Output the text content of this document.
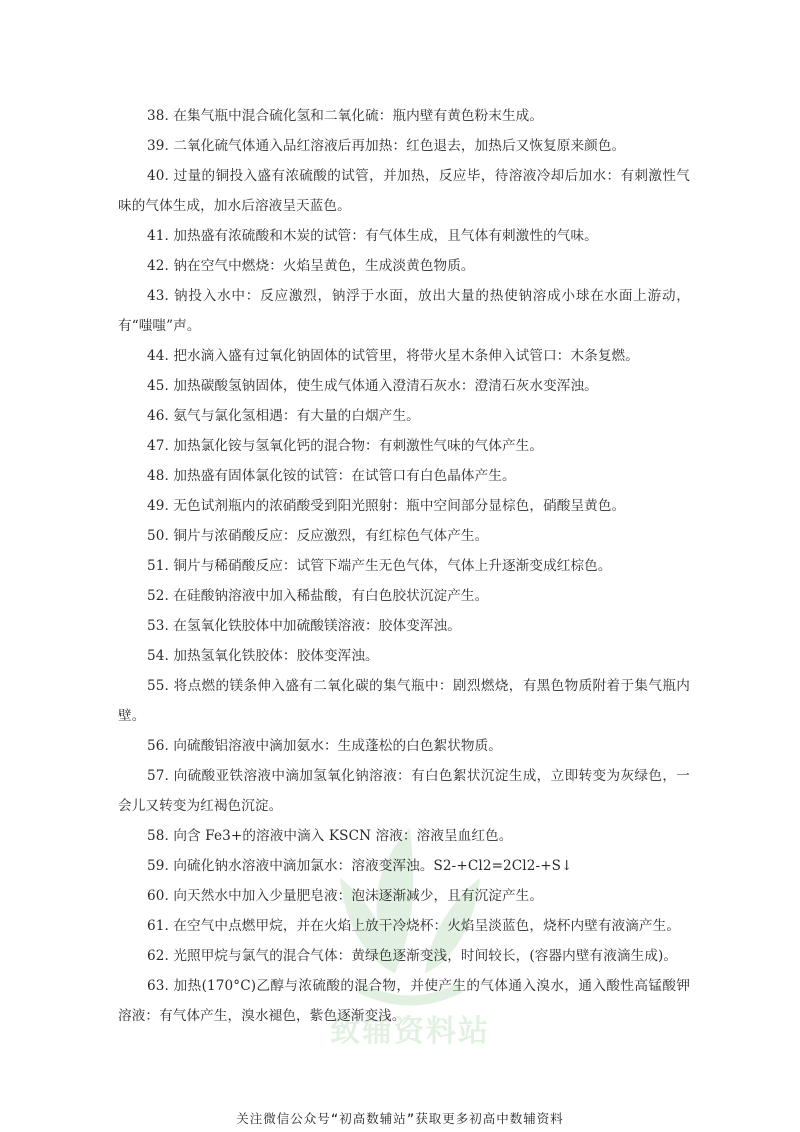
致辅资料站
38. 在集气瓶中混合硫化氢和二氧化硫：瓶内壁有黄色粉末生成。
39. 二氧化硫气体通入品红溶液后再加热：红色退去，加热后又恢复原来颜色。
40. 过量的铜投入盛有浓硫酸的试管，并加热，反应毕，待溶液冷却后加水：有刺激性气味的气体生成，加水后溶液呈天蓝色。
41. 加热盛有浓硫酸和木炭的试管：有气体生成，且气体有刺激性的气味。
42. 钠在空气中燃烧：火焰呈黄色，生成淡黄色物质。
43. 钠投入水中：反应激烈，钠浮于水面，放出大量的热使钠溶成小球在水面上游动，有“嗤嗤”声。
44. 把水滴入盛有过氧化钠固体的试管里，将带火星木条伸入试管口：木条复燃。
45. 加热碳酸氢钠固体，使生成气体通入澄清石灰水：澄清石灰水变浑浊。
46. 氨气与氯化氢相遇：有大量的白烟产生。
47. 加热氯化铵与氢氧化钙的混合物：有刺激性气味的气体产生。
48. 加热盛有固体氯化铵的试管：在试管口有白色晶体产生。
49. 无色试剂瓶内的浓硝酸受到阳光照射：瓶中空间部分显棕色，硝酸呈黄色。
50. 铜片与浓硝酸反应：反应激烈，有红棕色气体产生。
51. 铜片与稀硝酸反应：试管下端产生无色气体，气体上升逐渐变成红棕色。
52. 在硅酸钠溶液中加入稀盐酸，有白色胶状沉淀产生。
53. 在氢氧化铁胶体中加硫酸镁溶液：胶体变浑浊。
54. 加热氢氧化铁胶体：胶体变浑浊。
55. 将点燃的镁条伸入盛有二氧化碳的集气瓶中：剧烈燃烧，有黑色物质附着于集气瓶内壁。
56. 向硫酸铝溶液中滴加氨水：生成蓬松的白色絮状物质。
57. 向硫酸亚铁溶液中滴加氢氧化钠溶液：有白色絮状沉淀生成，立即转变为灰绿色，一会儿又转变为红褐色沉淀。
58. 向含 Fe3+的溶液中滴入 KSCN 溶液：溶液呈血红色。
59. 向硫化钠水溶液中滴加氯水：溶液变浑浊。S2-+Cl2=2Cl2-+S↓
60. 向天然水中加入少量肥皂液：泡沫逐渐减少，且有沉淀产生。
61. 在空气中点燃甲烷，并在火焰上放干冷烧杯：火焰呈淡蓝色，烧杯内壁有液滴产生。
62. 光照甲烷与氯气的混合气体：黄绿色逐渐变浅，时间较长，(容器内壁有液滴生成)。
63. 加热(170°C)乙醇与浓硫酸的混合物，并使产生的气体通入溴水，通入酸性高锰酸钾溶液：有气体产生，溴水褪色，紫色逐渐变浅。
关注微信公众号“初高数辅站”获取更多初高中数辅资料
